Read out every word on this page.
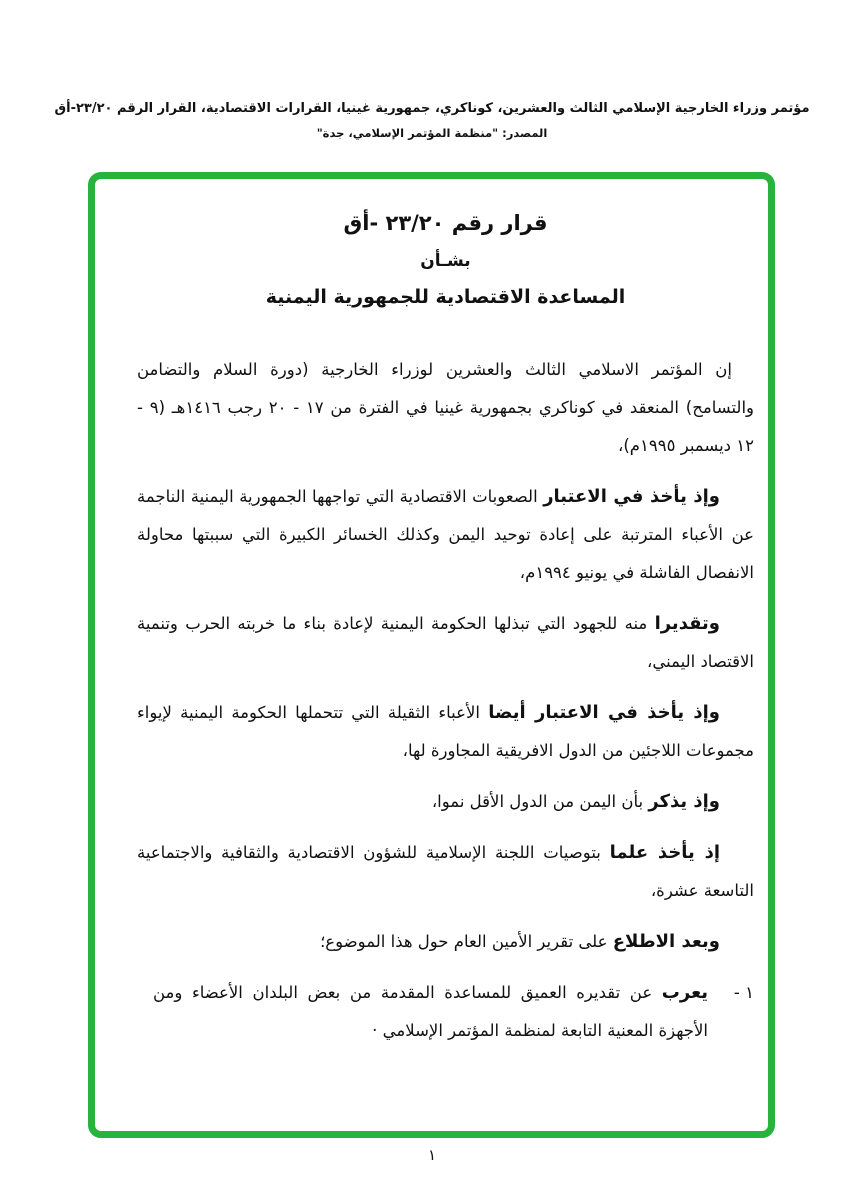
مؤتمر وزراء الخارجية الإسلامي الثالث والعشرين، كوناكري، جمهورية غينيا، القرارات الاقتصادية، القرار الرقم ٢٣/٢٠-أق
المصدر: "منظمة المؤتمر الإسلامي، جدة"
قرار رقم ٢٣/٢٠ -أق
بشـأن
المساعدة الاقتصادية للجمهورية اليمنية

إن المؤتمر الاسلامي الثالث والعشرين لوزراء الخارجية (دورة السلام والتضامن والتسامح) المنعقد في كوناكري بجمهورية غينيا في الفترة من ١٧ - ٢٠ رجب ١٤١٦هـ (٩ - ١٢ ديسمبر ١٩٩٥م)،

وإذ يأخذ في الاعتبار الصعوبات الاقتصادية التي تواجهها الجمهورية اليمنية الناجمة عن الأعباء المترتبة على إعادة توحيد اليمن وكذلك الخسائر الكبيرة التي سببتها محاولة الانفصال الفاشلة في يونيو ١٩٩٤م،

وتقديرا منه للجهود التي تبذلها الحكومة اليمنية لإعادة بناء ما خربته الحرب وتنمية الاقتصاد اليمني،

وإذ يأخذ في الاعتبار أيضا الأعباء الثقيلة التي تتحملها الحكومة اليمنية لإيواء مجموعات اللاجئين من الدول الافريقية المجاورة لها،

وإذ يذكر بأن اليمن من الدول الأقل نموا،

إذ يأخذ علما بتوصيات اللجنة الإسلامية للشؤون الاقتصادية والثقافية والاجتماعية التاسعة عشرة،

وبعد الاطلاع على تقرير الأمين العام حول هذا الموضوع؛

١ -

يعرب عن تقديره العميق للمساعدة المقدمة من بعض البلدان الأعضاء ومن الأجهزة المعنية التابعة لمنظمة المؤتمر الإسلامي ·

١
